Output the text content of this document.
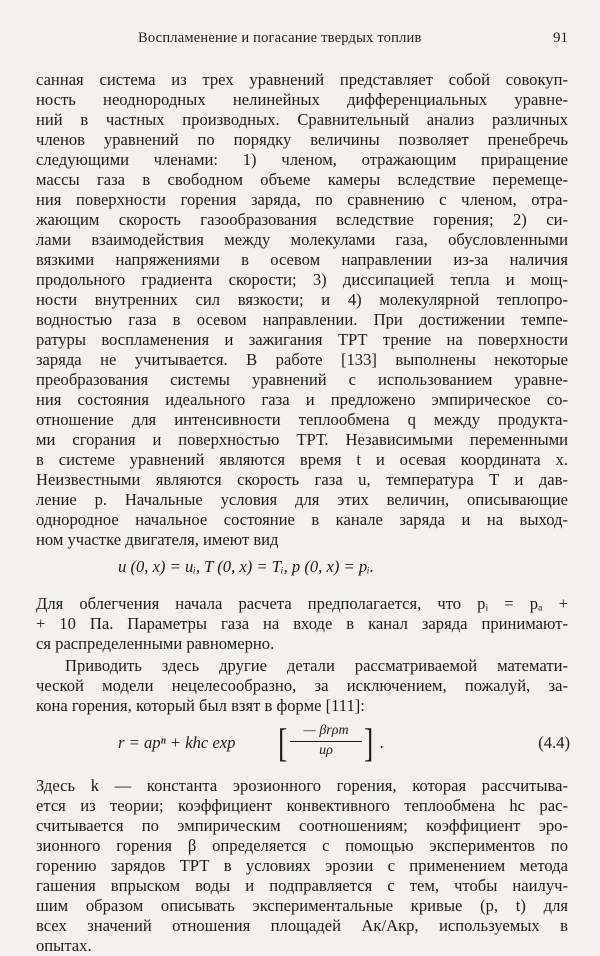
Воспламенение и погасание твердых топлив	91
санная система из трех уравнений представляет собой совокуп-
ность неоднородных нелинейных дифференциальных уравне-
ний в частных производных. Сравнительный анализ различных
членов уравнений по порядку величины позволяет пренебречь
следующими членами: 1) членом, отражающим приращение
массы газа в свободном объеме камеры вследствие перемеще-
ния поверхности горения заряда, по сравнению с членом, отра-
жающим скорость газообразования вследствие горения; 2) си-
лами взаимодействия между молекулами газа, обусловленными
вязкими напряжениями в осевом направлении из-за наличия
продольного градиента скорости; 3) диссипацией тепла и мощ-
ности внутренних сил вязкости; и 4) молекулярной теплопро-
водностью газа в осевом направлении. При достижении темпе-
ратуры воспламенения и зажигания ТРТ трение на поверхности
заряда не учитывается. В работе [133] выполнены некоторые
преобразования системы уравнений с использованием уравне-
ния состояния идеального газа и предложено эмпирическое со-
отношение для интенсивности теплообмена q между продукта-
ми сгорания и поверхностью ТРТ. Независимыми переменными
в системе уравнений являются время t и осевая координата x.
Неизвестными являются скорость газа u, температура T и дав-
ление p. Начальные условия для этих величин, описывающие
однородное начальное состояние в канале заряда и на выход-
ном участке двигателя, имеют вид
u (0, x) = uᵢ, T (0, x) = Tᵢ, p (0, x) = pᵢ.
Для облегчения начала расчета предполагается, что pᵢ = pₐ +
+ 10 Па. Параметры газа на входе в канал заряда принимают-
ся распределенными равномерно.
Приводить здесь другие детали рассматриваемой математи-
ческой модели нецелесообразно, за исключением, пожалуй, за-
кона горения, который был взят в форме [111]:
r = apⁿ + khc exp [	— βrρт
uρ ] .	(4.4)
Здесь k — константа эрозионного горения, которая рассчитыва-
ется из теории; коэффициент конвективного теплообмена hc рас-
считывается по эмпирическим соотношениям; коэффициент эро-
зионного горения β определяется с помощью экспериментов по
горению зарядов ТРТ в условиях эрозии с применением метода
гашения впрыском воды и подправляется с тем, чтобы наилуч-
шим образом описывать экспериментальные кривые (p, t) для
всех значений отношения площадей Aк/Aкр, используемых в
опытах.
